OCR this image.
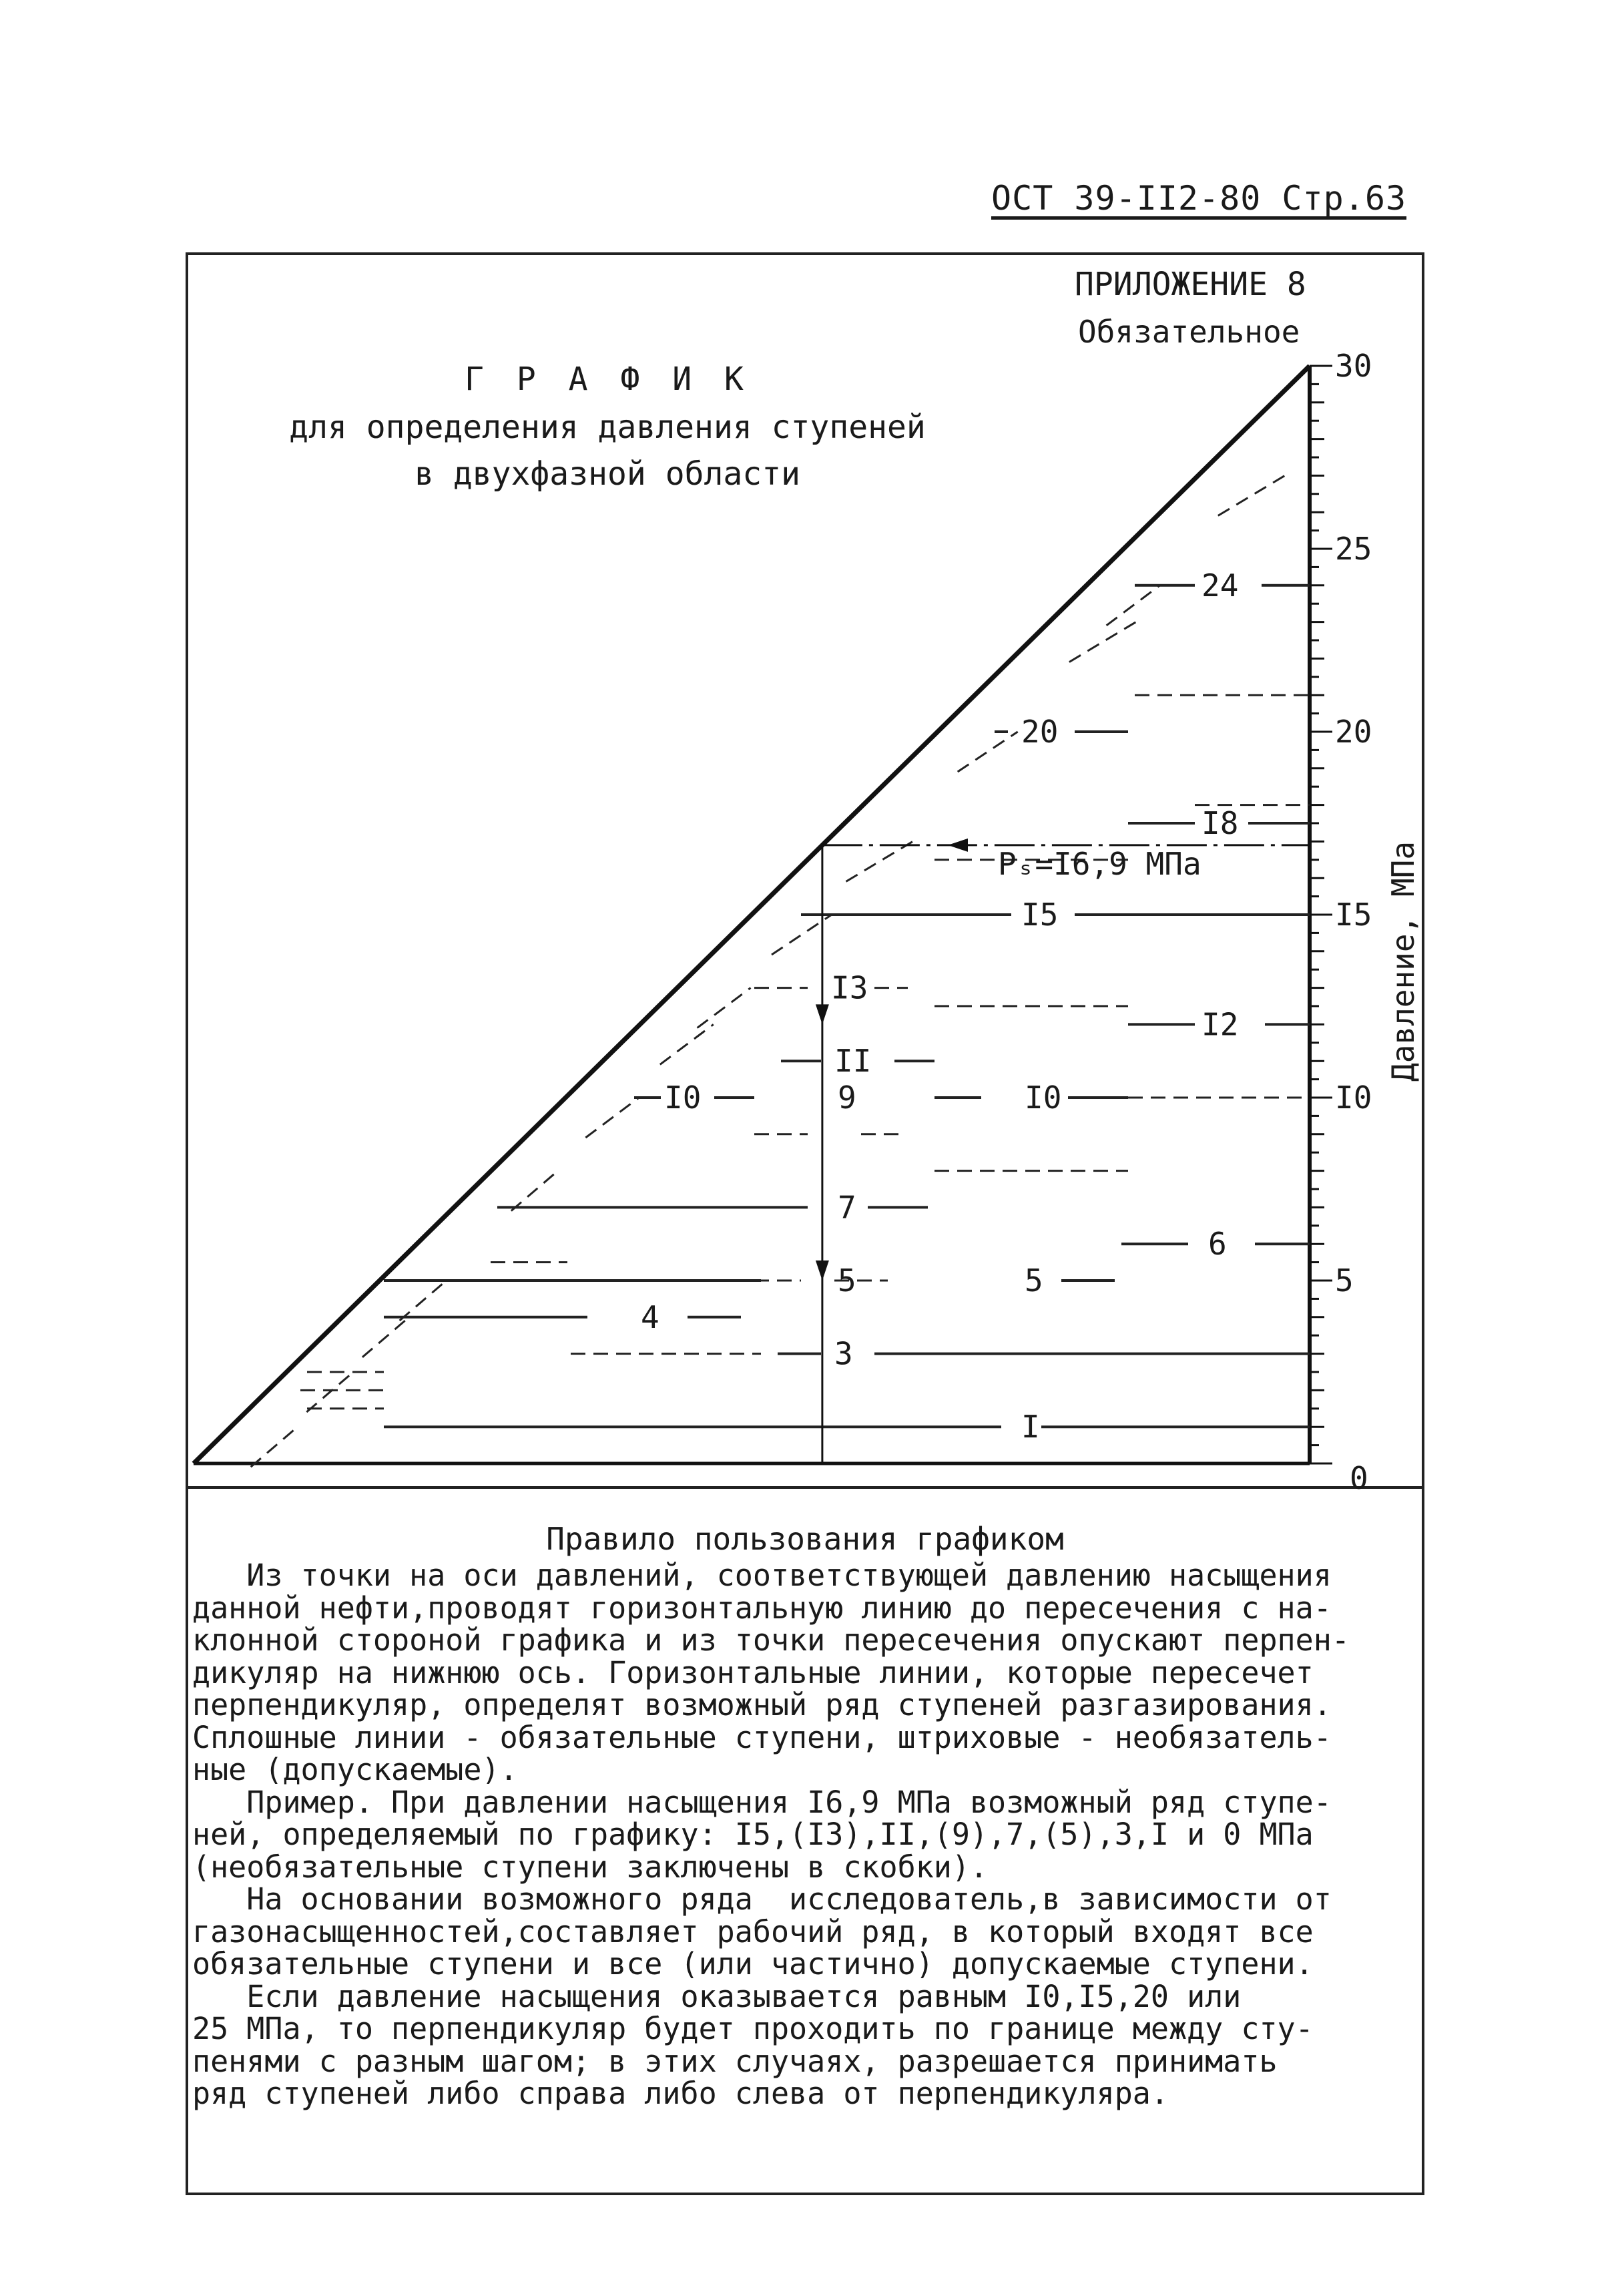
ОСТ 39-II2-80 Стр.63
ПРИЛОЖЕНИЕ 8
Обязательное
Г Р А Ф И К
для определения давления ступеней
в двухфазной области
0
5
I0
I5
20
25
30
I
3
4
5	5
6
7
9
I0	I0
II
I2
I3
I5
I8
20
24
Pₛ=I6,9 МПа	Давление, МПа
Правило пользования графиком

Из точки на оси давлений, соответствующей давлению насыщения

данной нефти,проводят горизонтальную линию до пересечения с на-

клонной стороной графика и из точки пересечения опускают перпен-

дикуляр на нижнюю ось. Горизонтальные линии, которые пересечет

перпендикуляр, определят возможный ряд ступеней разгазирования.

Сплошные линии - обязательные ступени, штриховые - необязатель-

ные (допускаемые).

Пример. При давлении насыщения I6,9 МПа возможный ряд ступе-

ней, определяемый по графику: I5,(I3),II,(9),7,(5),3,I и 0 МПа

(необязательные ступени заключены в скобки).

На основании возможного ряда  исследователь,в зависимости от

газонасыщенностей,составляет рабочий ряд, в который входят все

обязательные ступени и все (или частично) допускаемые ступени.

Если давление насыщения оказывается равным I0,I5,20 или

25 МПа, то перпендикуляр будет проходить по границе между сту-

пенями с разным шагом; в этих случаях, разрешается принимать

ряд ступеней либо справа либо слева от перпендикуляра.
